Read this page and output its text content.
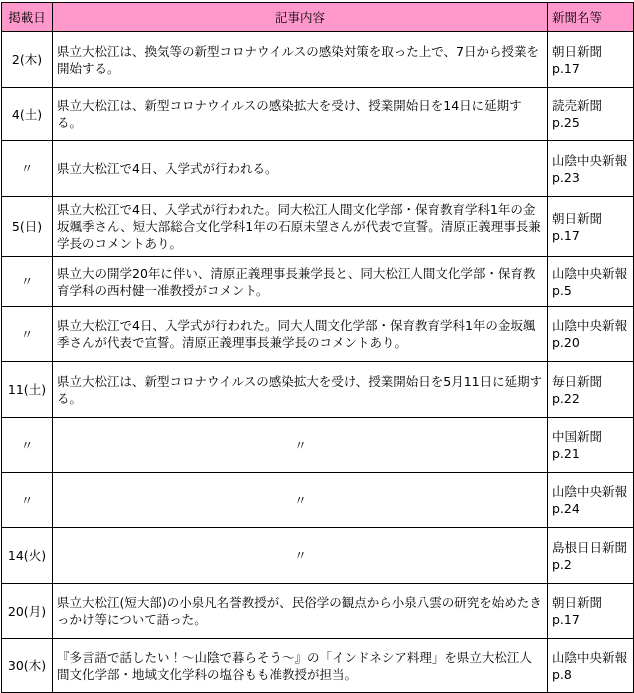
掲載日	記事内容	新聞名等
2(木)	県立大松江は、換気等の新型コロナウイルスの感染対策を取った上で、7日から授業を開始する。	朝日新聞
p.17

4(土)	県立大松江は、新型コロナウイルスの感染拡大を受け、授業開始日を14日に延期する。	読売新聞
p.25

〃	県立大松江で4日、入学式が行われる。	山陰中央新報
p.23

5(日)	県立大松江で4日、入学式が行われた。同大松江人間文化学部・保育教育学科1年の金坂颯季さん、短大部総合文化学科1年の石原未望さんが代表で宣誓。清原正義理事長兼学長のコメントあり。	朝日新聞
p.17

〃	県立大の開学20年に伴い、清原正義理事長兼学長と、同大松江人間文化学部・保育教育学科の西村健一准教授がコメント。	山陰中央新報
p.5

〃	県立大松江で4日、入学式が行われた。同大人間文化学部・保育教育学科1年の金坂颯季さんが代表で宣誓。清原正義理事長兼学長のコメントあり。	山陰中央新報
p.20

11(土)	県立大松江は、新型コロナウイルスの感染拡大を受け、授業開始日を5月11日に延期する。	毎日新聞
p.22

〃	〃	中国新聞
p.21

〃	〃	山陰中央新報
p.24

14(火)	〃	島根日日新聞
p.2

20(月)	県立大松江(短大部)の小泉凡名誉教授が、民俗学の観点から小泉八雲の研究を始めたきっかけ等について語った。	朝日新聞
p.17

30(木)	『多言語で話したい！〜山陰で暮らそう〜』の「インドネシア料理」を県立大松江人間文化学部・地域文化学科の塩谷もも准教授が担当。	山陰中央新報
p.8
